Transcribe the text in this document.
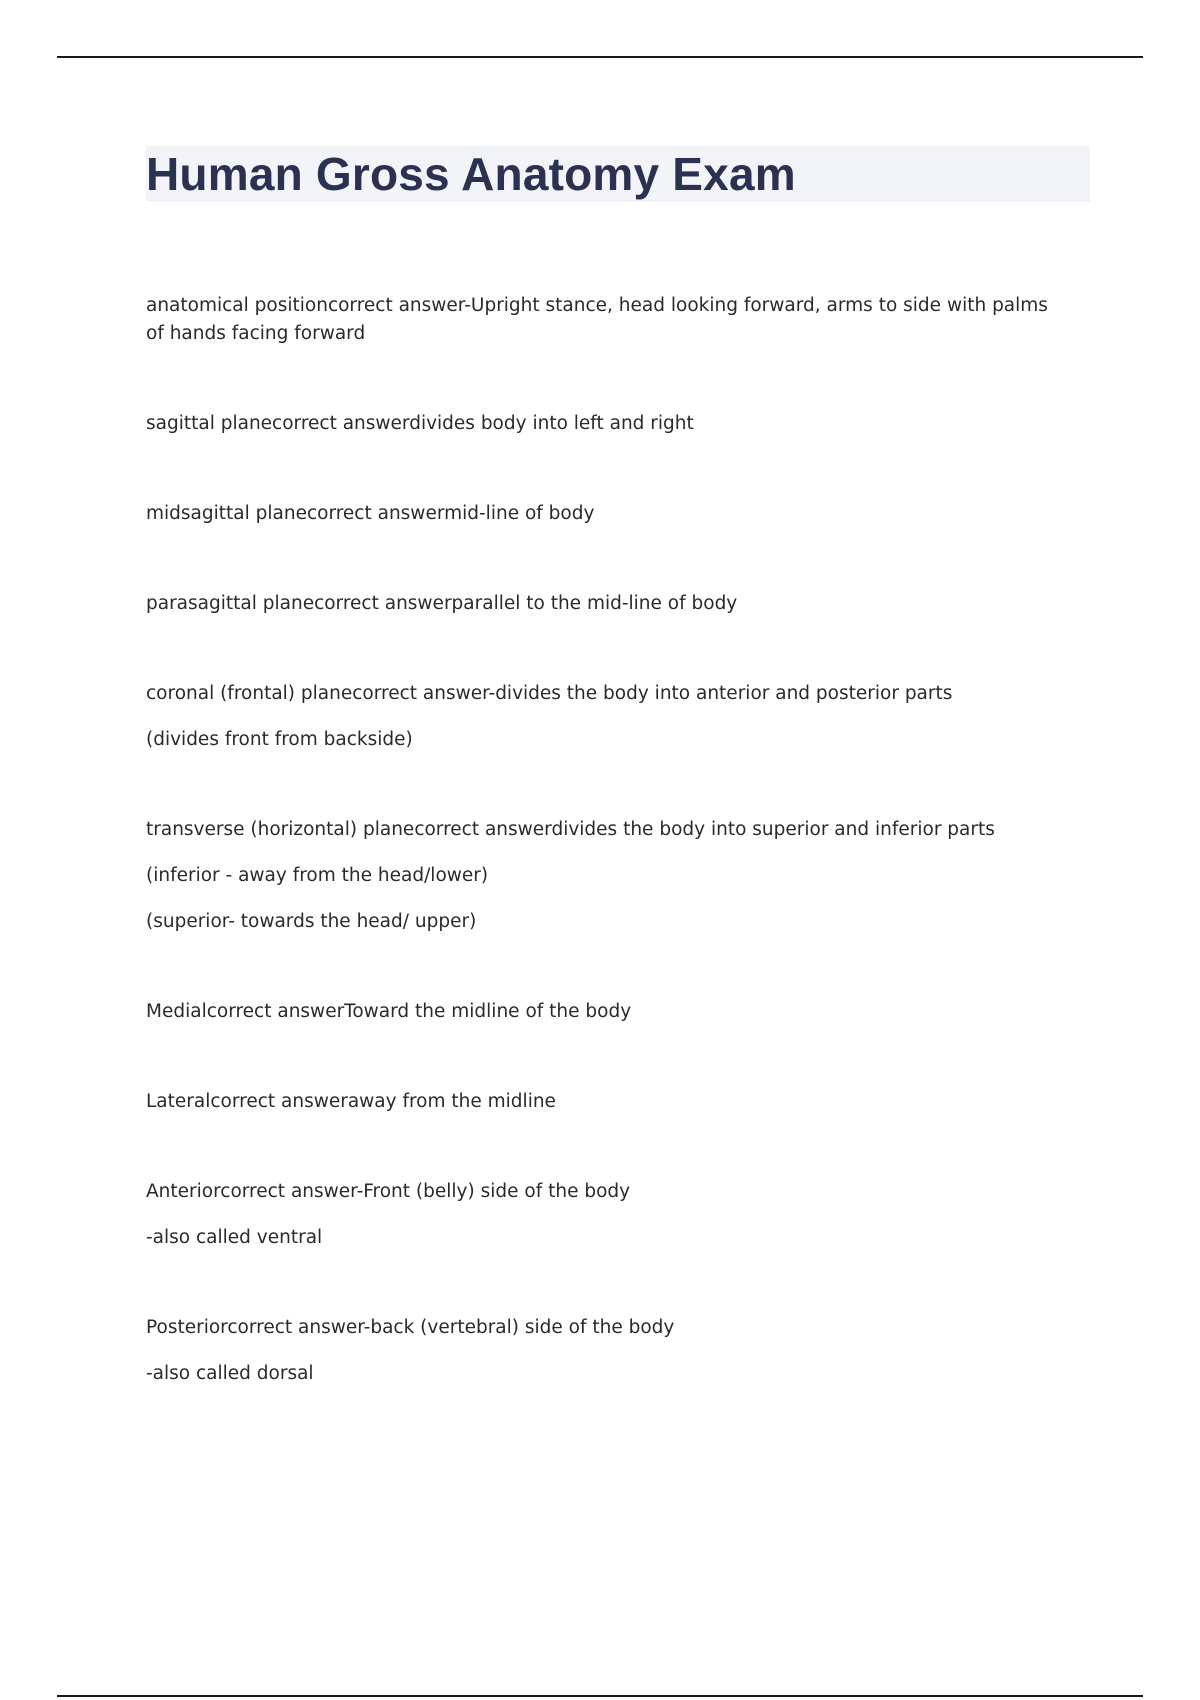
Human Gross Anatomy Exam

anatomical positioncorrect answer-Upright stance, head looking forward, arms to side with palms of hands facing forward

sagittal planecorrect answerdivides body into left and right

midsagittal planecorrect answermid-line of body

parasagittal planecorrect answerparallel to the mid-line of body

coronal (frontal) planecorrect answer-divides the body into anterior and posterior parts

(divides front from backside)

transverse (horizontal) planecorrect answerdivides the body into superior and inferior parts

(inferior - away from the head/lower)

(superior- towards the head/ upper)

Medialcorrect answerToward the midline of the body

Lateralcorrect answeraway from the midline

Anteriorcorrect answer-Front (belly) side of the body

-also called ventral

Posteriorcorrect answer-back (vertebral) side of the body

-also called dorsal
